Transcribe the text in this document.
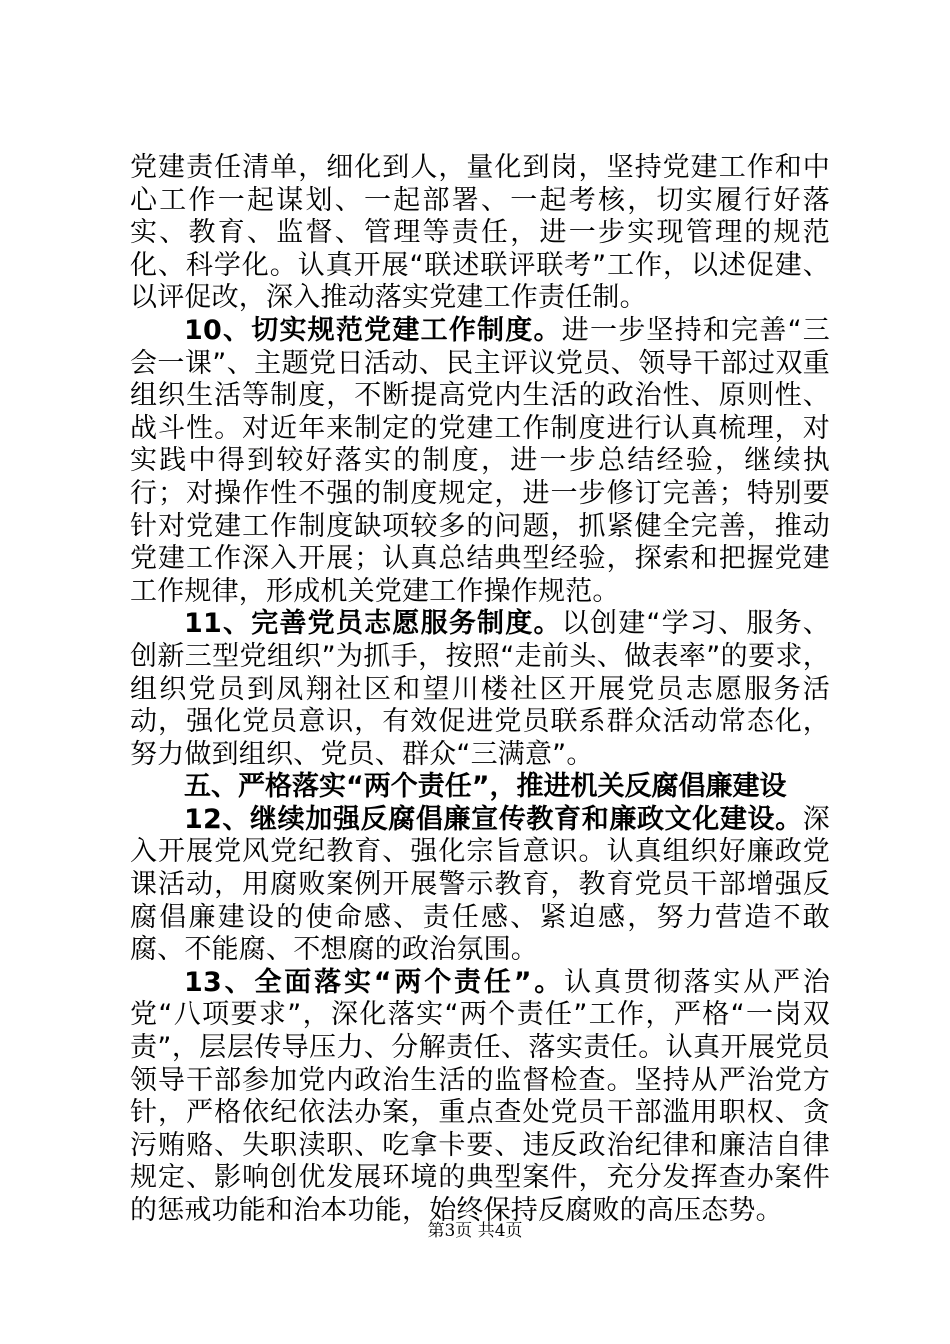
党建责任清单，细化到人，量化到岗，坚持党建工作和中心工作一起谋划、一起部署、一起考核，切实履行好落实、教育、监督、管理等责任，进一步实现管理的规范化、科学化。认真开展“联述联评联考”工作，以述促建、以评促改，深入推动落实党建工作责任制。

10、切实规范党建工作制度。进一步坚持和完善“三会一课”、主题党日活动、民主评议党员、领导干部过双重组织生活等制度，不断提高党内生活的政治性、原则性、战斗性。对近年来制定的党建工作制度进行认真梳理，对实践中得到较好落实的制度，进一步总结经验，继续执行；对操作性不强的制度规定，进一步修订完善；特别要针对党建工作制度缺项较多的问题，抓紧健全完善，推动党建工作深入开展；认真总结典型经验，探索和把握党建工作规律，形成机关党建工作操作规范。

11、完善党员志愿服务制度。以创建“学习、服务、创新三型党组织”为抓手，按照“走前头、做表率”的要求，组织党员到凤翔社区和望川楼社区开展党员志愿服务活动，强化党员意识，有效促进党员联系群众活动常态化，努力做到组织、党员、群众“三满意”。

五、严格落实“两个责任”，推进机关反腐倡廉建设

12、继续加强反腐倡廉宣传教育和廉政文化建设。深入开展党风党纪教育、强化宗旨意识。认真组织好廉政党课活动，用腐败案例开展警示教育，教育党员干部增强反腐倡廉建设的使命感、责任感、紧迫感，努力营造不敢腐、不能腐、不想腐的政治氛围。

13、全面落实“两个责任”。认真贯彻落实从严治党“八项要求”，深化落实“两个责任”工作，严格“一岗双责”，层层传导压力、分解责任、落实责任。认真开展党员领导干部参加党内政治生活的监督检查。坚持从严治党方针，严格依纪依法办案，重点查处党员干部滥用职权、贪污贿赂、失职渎职、吃拿卡要、违反政治纪律和廉洁自律规定、影响创优发展环境的典型案件，充分发挥查办案件的惩戒功能和治本功能，始终保持反腐败的高压态势。

第3页 共4页
